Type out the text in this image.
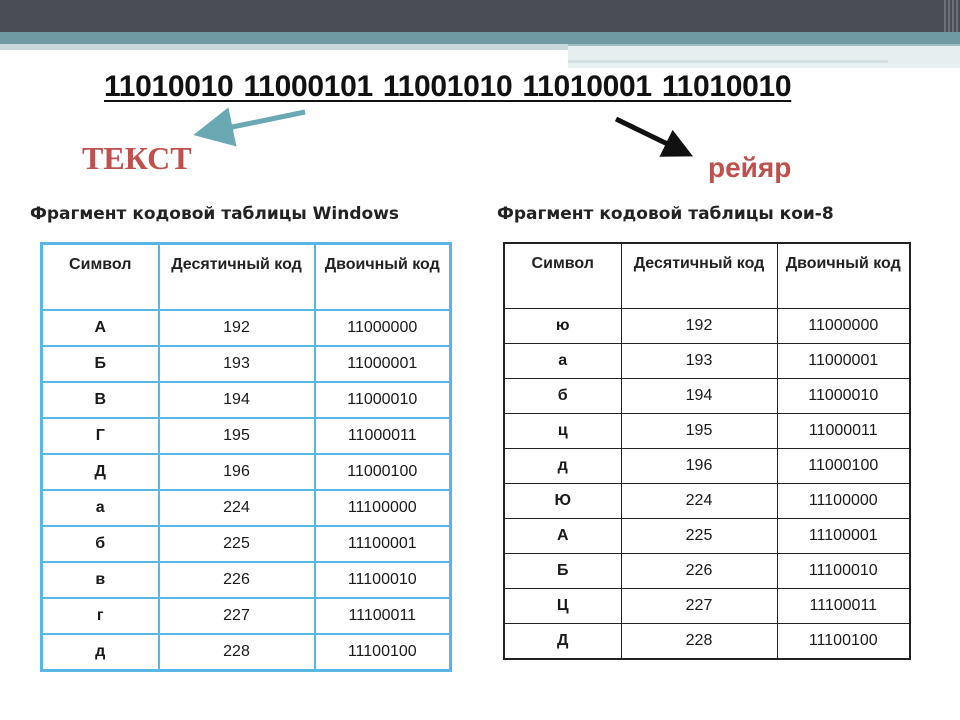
11010010 11000101 11001010 11010001 11010010
ТЕКСТ	рейяр
Фрагмент кодовой таблицы Windows	Фрагмент кодовой таблицы кои-8
Символ	Десятичный код	Двоичный код
А	192	11000000
Б	193	11000001
В	194	11000010
Г	195	11000011
Д	196	11000100
а	224	11100000
б	225	11100001
в	226	11100010
г	227	11100011
д	228	11100100
Символ	Десятичный код	Двоичный код
ю	192	11000000
а	193	11000001
б	194	11000010
ц	195	11000011
д	196	11000100
Ю	224	11100000
А	225	11100001
Б	226	11100010
Ц	227	11100011
Д	228	11100100
